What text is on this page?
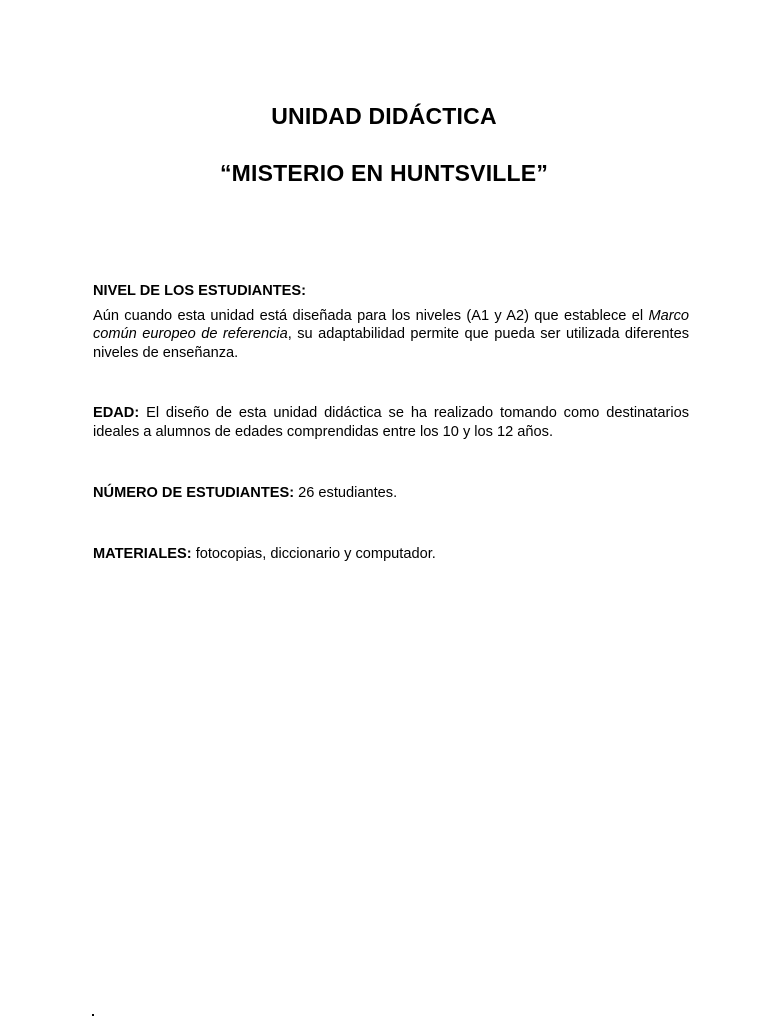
UNIDAD DIDÁCTICA
“MISTERIO EN HUNTSVILLE”

NIVEL DE LOS ESTUDIANTES:

Aún cuando esta unidad está diseñada para los niveles (A1 y A2) que establece el Marco común europeo de referencia, su adaptabilidad permite que pueda ser utilizada diferentes niveles de enseñanza.

EDAD: El diseño de esta unidad didáctica se ha realizado tomando como destinatarios ideales a alumnos de edades comprendidas entre los 10 y los 12 años.

NÚMERO DE ESTUDIANTES: 26 estudiantes.

MATERIALES: fotocopias, diccionario y computador.
